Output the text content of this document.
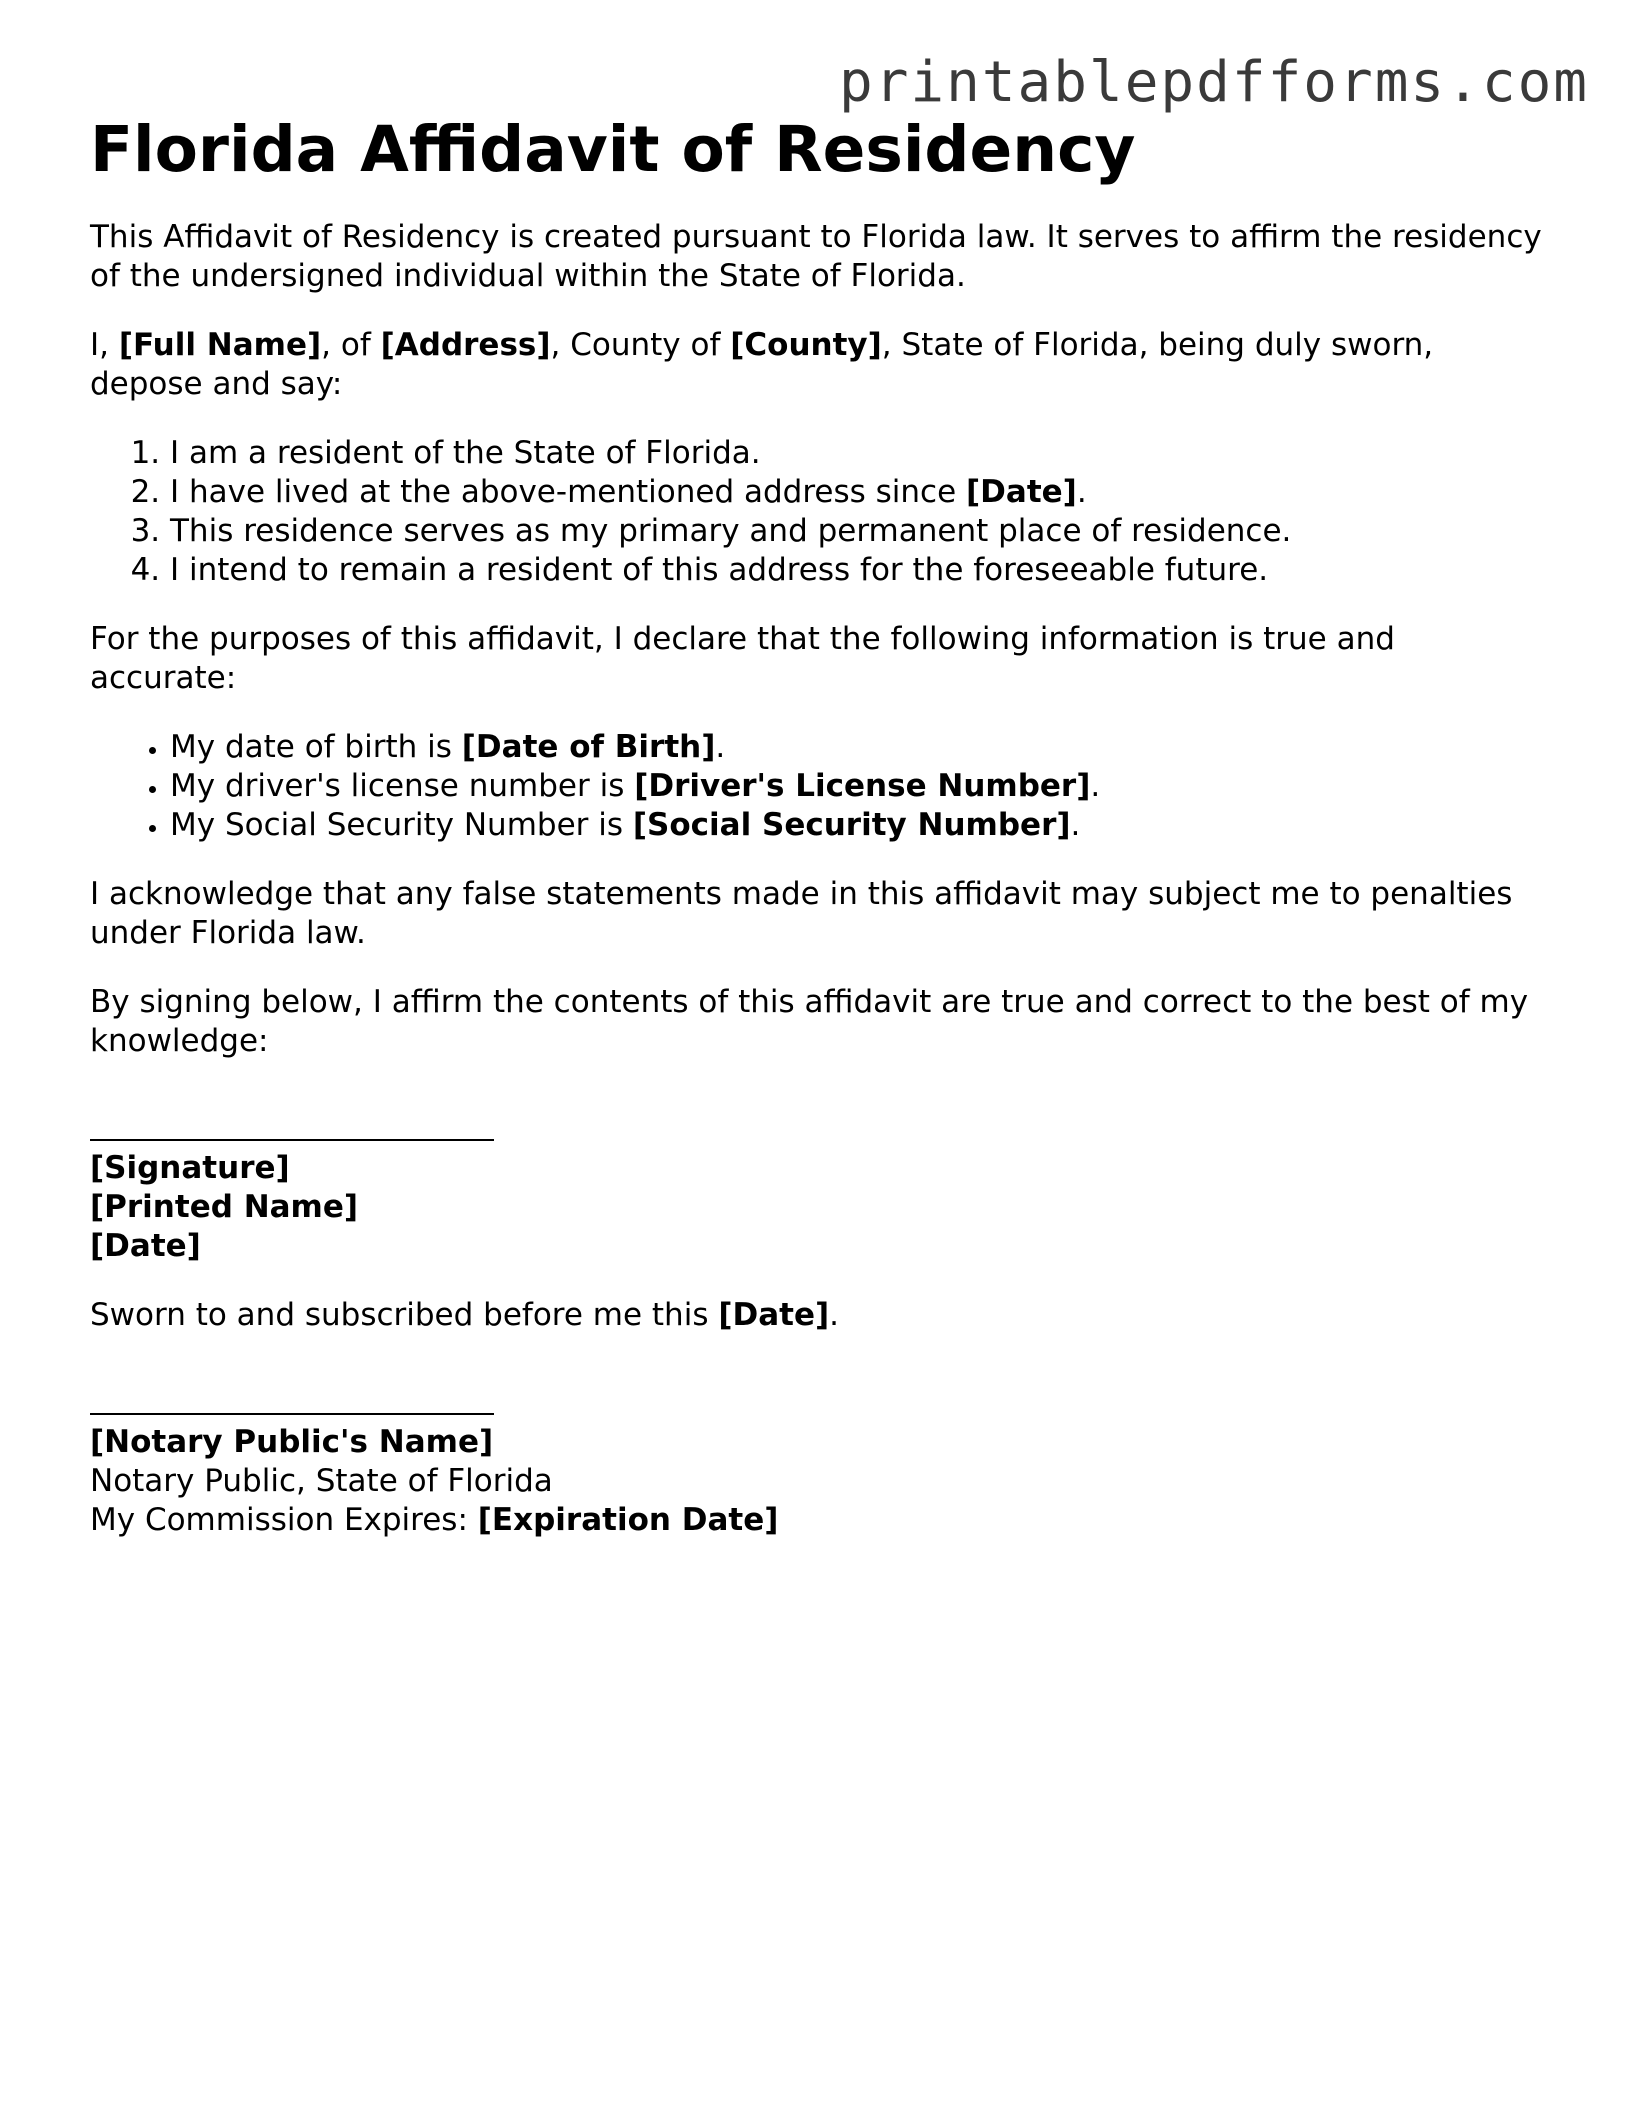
printablepdfforms.com
Florida Affidavit of Residency

This Affidavit of Residency is created pursuant to Florida law. It serves to affirm the residency of the undersigned individual within the State of Florida.

I, [Full Name], of [Address], County of [County], State of Florida, being duly sworn, depose and say:

1. I am a resident of the State of Florida.
2. I have lived at the above-mentioned address since [Date].
3. This residence serves as my primary and permanent place of residence.
4. I intend to remain a resident of this address for the foreseeable future.

For the purposes of this affidavit, I declare that the following information is true and accurate:

• My date of birth is [Date of Birth].
• My driver's license number is [Driver's License Number].
• My Social Security Number is [Social Security Number].

I acknowledge that any false statements made in this affidavit may subject me to penalties under Florida law.

By signing below, I affirm the contents of this affidavit are true and correct to the best of my knowledge:

[Signature]
[Printed Name]
[Date]

Sworn to and subscribed before me this [Date].

[Notary Public's Name]
Notary Public, State of Florida
My Commission Expires: [Expiration Date]
